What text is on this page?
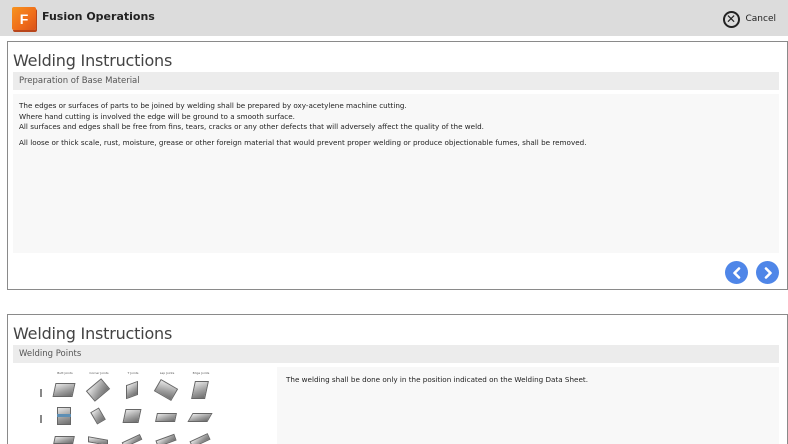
F Fusion Operations	✕	Cancel
Welding Instructions
Preparation of Base Material

The edges or surfaces of parts to be joined by welding shall be prepared by oxy-acetylene machine cutting.

Where hand cutting is involved the edge will be ground to a smooth surface.

All surfaces and edges shall be free from fins, tears, cracks or any other defects that will adversely affect the quality of the weld.

All loose or thick scale, rust, moisture, grease or other foreign material that would prevent proper welding or produce objectionable fumes, shall be removed.

Welding Instructions
Welding Points
Butt Joints	Corner Joints	T Joints	Lap Joints	Edge Joints

The welding shall be done only in the position indicated on the Welding Data Sheet.
